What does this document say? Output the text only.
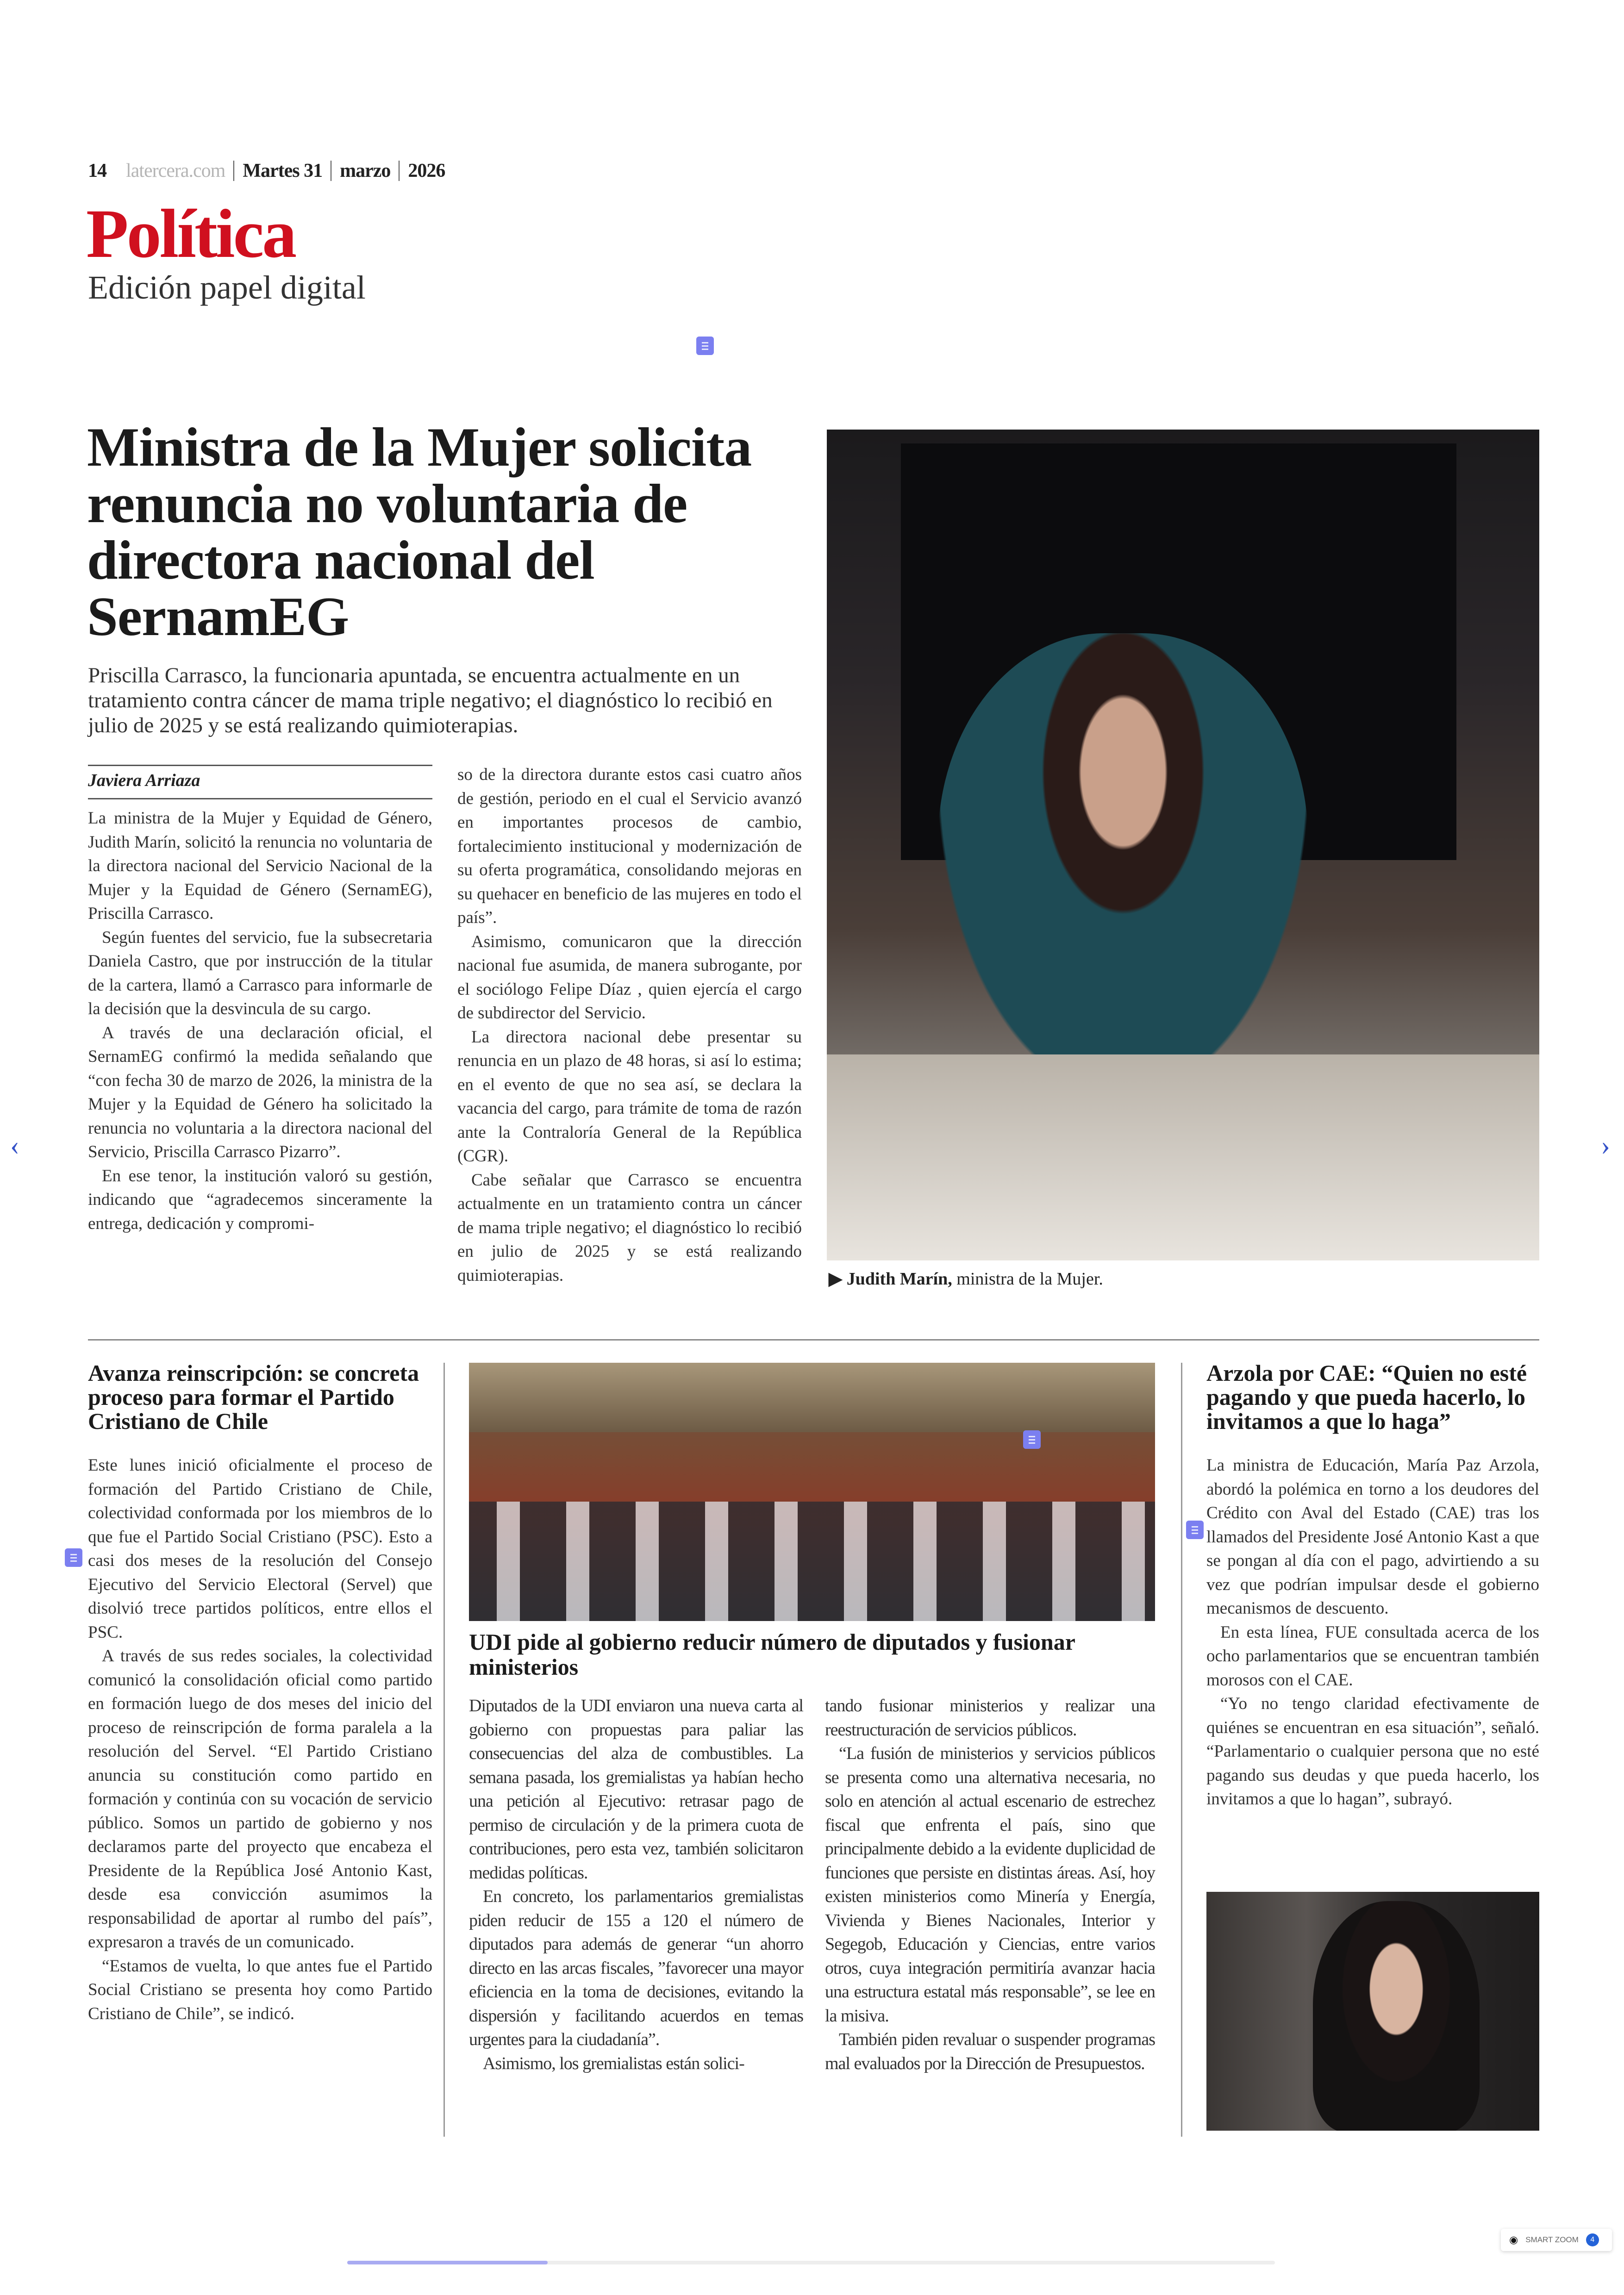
14 latercera.com Martes 31 marzo 2026
Política
Edición papel digital
Ministra de la Mujer solicita renuncia no voluntaria de directora nacional del SernamEG
Priscilla Carrasco, la funcionaria apuntada, se encuentra actualmente en un tratamiento contra cáncer de mama triple negativo; el diagnóstico lo recibió en julio de 2025 y se está realizando quimioterapias.
Javiera Arriaza

La ministra de la Mujer y Equidad de Género, Judith Marín, solicitó la renuncia no voluntaria de la directora nacional del Servicio Nacional de la Mujer y la Equidad de Género (SernamEG), Priscilla Carrasco.

Según fuentes del servicio, fue la subsecretaria Daniela Castro, que por instrucción de la titular de la cartera, llamó a Carrasco para informarle de la decisión que la desvincula de su cargo.

A través de una declaración oficial, el SernamEG confirmó la medida señalando que “con fecha 30 de marzo de 2026, la ministra de la Mujer y la Equidad de Género ha solicitado la renuncia no voluntaria a la directora nacional del Servicio, Priscilla Carrasco Pizarro”.

En ese tenor, la institución valoró su gestión, indicando que “agradecemos sinceramente la entrega, dedicación y compromi-

so de la directora durante estos casi cuatro años de gestión, periodo en el cual el Servicio avanzó en importantes procesos de cambio, fortalecimiento institucional y modernización de su oferta programática, consolidando mejoras en su quehacer en beneficio de las mujeres en todo el país”.

Asimismo, comunicaron que la dirección nacional fue asumida, de manera subrogante, por el sociólogo Felipe Díaz , quien ejercía el cargo de subdirector del Servicio.

La directora nacional debe presentar su renuncia en un plazo de 48 horas, si así lo estima; en el evento de que no sea así, se declara la vacancia del cargo, para trámite de toma de razón ante la Contraloría General de la República (CGR).

Cabe señalar que Carrasco se encuentra actualmente en un tratamiento contra un cáncer de mama triple negativo; el diagnóstico lo recibió en julio de 2025 y se está realizando quimioterapias.	▶ Judith Marín, ministra de la Mujer.
Avanza reinscripción: se concreta proceso para formar el Partido Cristiano de Chile

Este lunes inició oficialmente el proceso de formación del Partido Cristiano de Chile, colectividad conformada por los miembros de lo que fue el Partido Social Cristiano (PSC). Esto a casi dos meses de la resolución del Consejo Ejecutivo del Servicio Electoral (Servel) que disolvió trece partidos políticos, entre ellos el PSC.

A través de sus redes sociales, la colectividad comunicó la consolidación oficial como partido en formación luego de dos meses del inicio del proceso de reinscripción de forma paralela a la resolución del Servel. “El Partido Cristiano anuncia su constitución como partido en formación y continúa con su vocación de servicio público. Somos un partido de gobierno y nos declaramos parte del proyecto que encabeza el Presidente de la República José Antonio Kast, desde esa convicción asumimos la responsabilidad de aportar al rumbo del país”, expresaron a través de un comunicado.

“Estamos de vuelta, lo que antes fue el Partido Social Cristiano se presenta hoy como Partido Cristiano de Chile”, se indicó.

UDI pide al gobierno reducir número de diputados y fusionar ministerios

Diputados de la UDI enviaron una nueva carta al gobierno con propuestas para paliar las consecuencias del alza de combustibles. La semana pasada, los gremialistas ya habían hecho una petición al Ejecutivo: retrasar pago de permiso de circulación y de la primera cuota de contribuciones, pero esta vez, también solicitaron medidas políticas.

En concreto, los parlamentarios gremialistas piden reducir de 155 a 120 el número de diputados para además de generar “un ahorro directo en las arcas fiscales, ”favorecer una mayor eficiencia en la toma de decisiones, evitando la dispersión y facilitando acuerdos en temas urgentes para la ciudadanía”.

Asimismo, los gremialistas están solici-

tando fusionar ministerios y realizar una reestructuración de servicios públicos.

“La fusión de ministerios y servicios públicos se presenta como una alternativa necesaria, no solo en atención al actual escenario de estrechez fiscal que enfrenta el país, sino que principalmente debido a la evidente duplicidad de funciones que persiste en distintas áreas. Así, hoy existen ministerios como Minería y Energía, Vivienda y Bienes Nacionales, Interior y Segegob, Educación y Ciencias, entre varios otros, cuya integración permitiría avanzar hacia una estructura estatal más responsable”, se lee en la misiva.

También piden revaluar o suspender programas mal evaluados por la Dirección de Presupuestos.

Arzola por CAE: “Quien no esté pagando y que pueda hacerlo, lo invitamos a que lo haga”

La ministra de Educación, María Paz Arzola, abordó la polémica en torno a los deudores del Crédito con Aval del Estado (CAE) tras los llamados del Presidente José Antonio Kast a que se pongan al día con el pago, advirtiendo a su vez que podrían impulsar desde el gobierno mecanismos de descuento.

En esta línea, FUE consultada acerca de los ocho parlamentarios que se encuentran también morosos con el CAE.

“Yo no tengo claridad efectivamente de quiénes se encuentran en esa situación”, señaló. “Parlamentario o cualquier persona que no esté pagando sus deudas y que pueda hacerlo, los invitamos a que lo hagan”, subrayó.

‹	›
◉ SMART ZOOM	4
